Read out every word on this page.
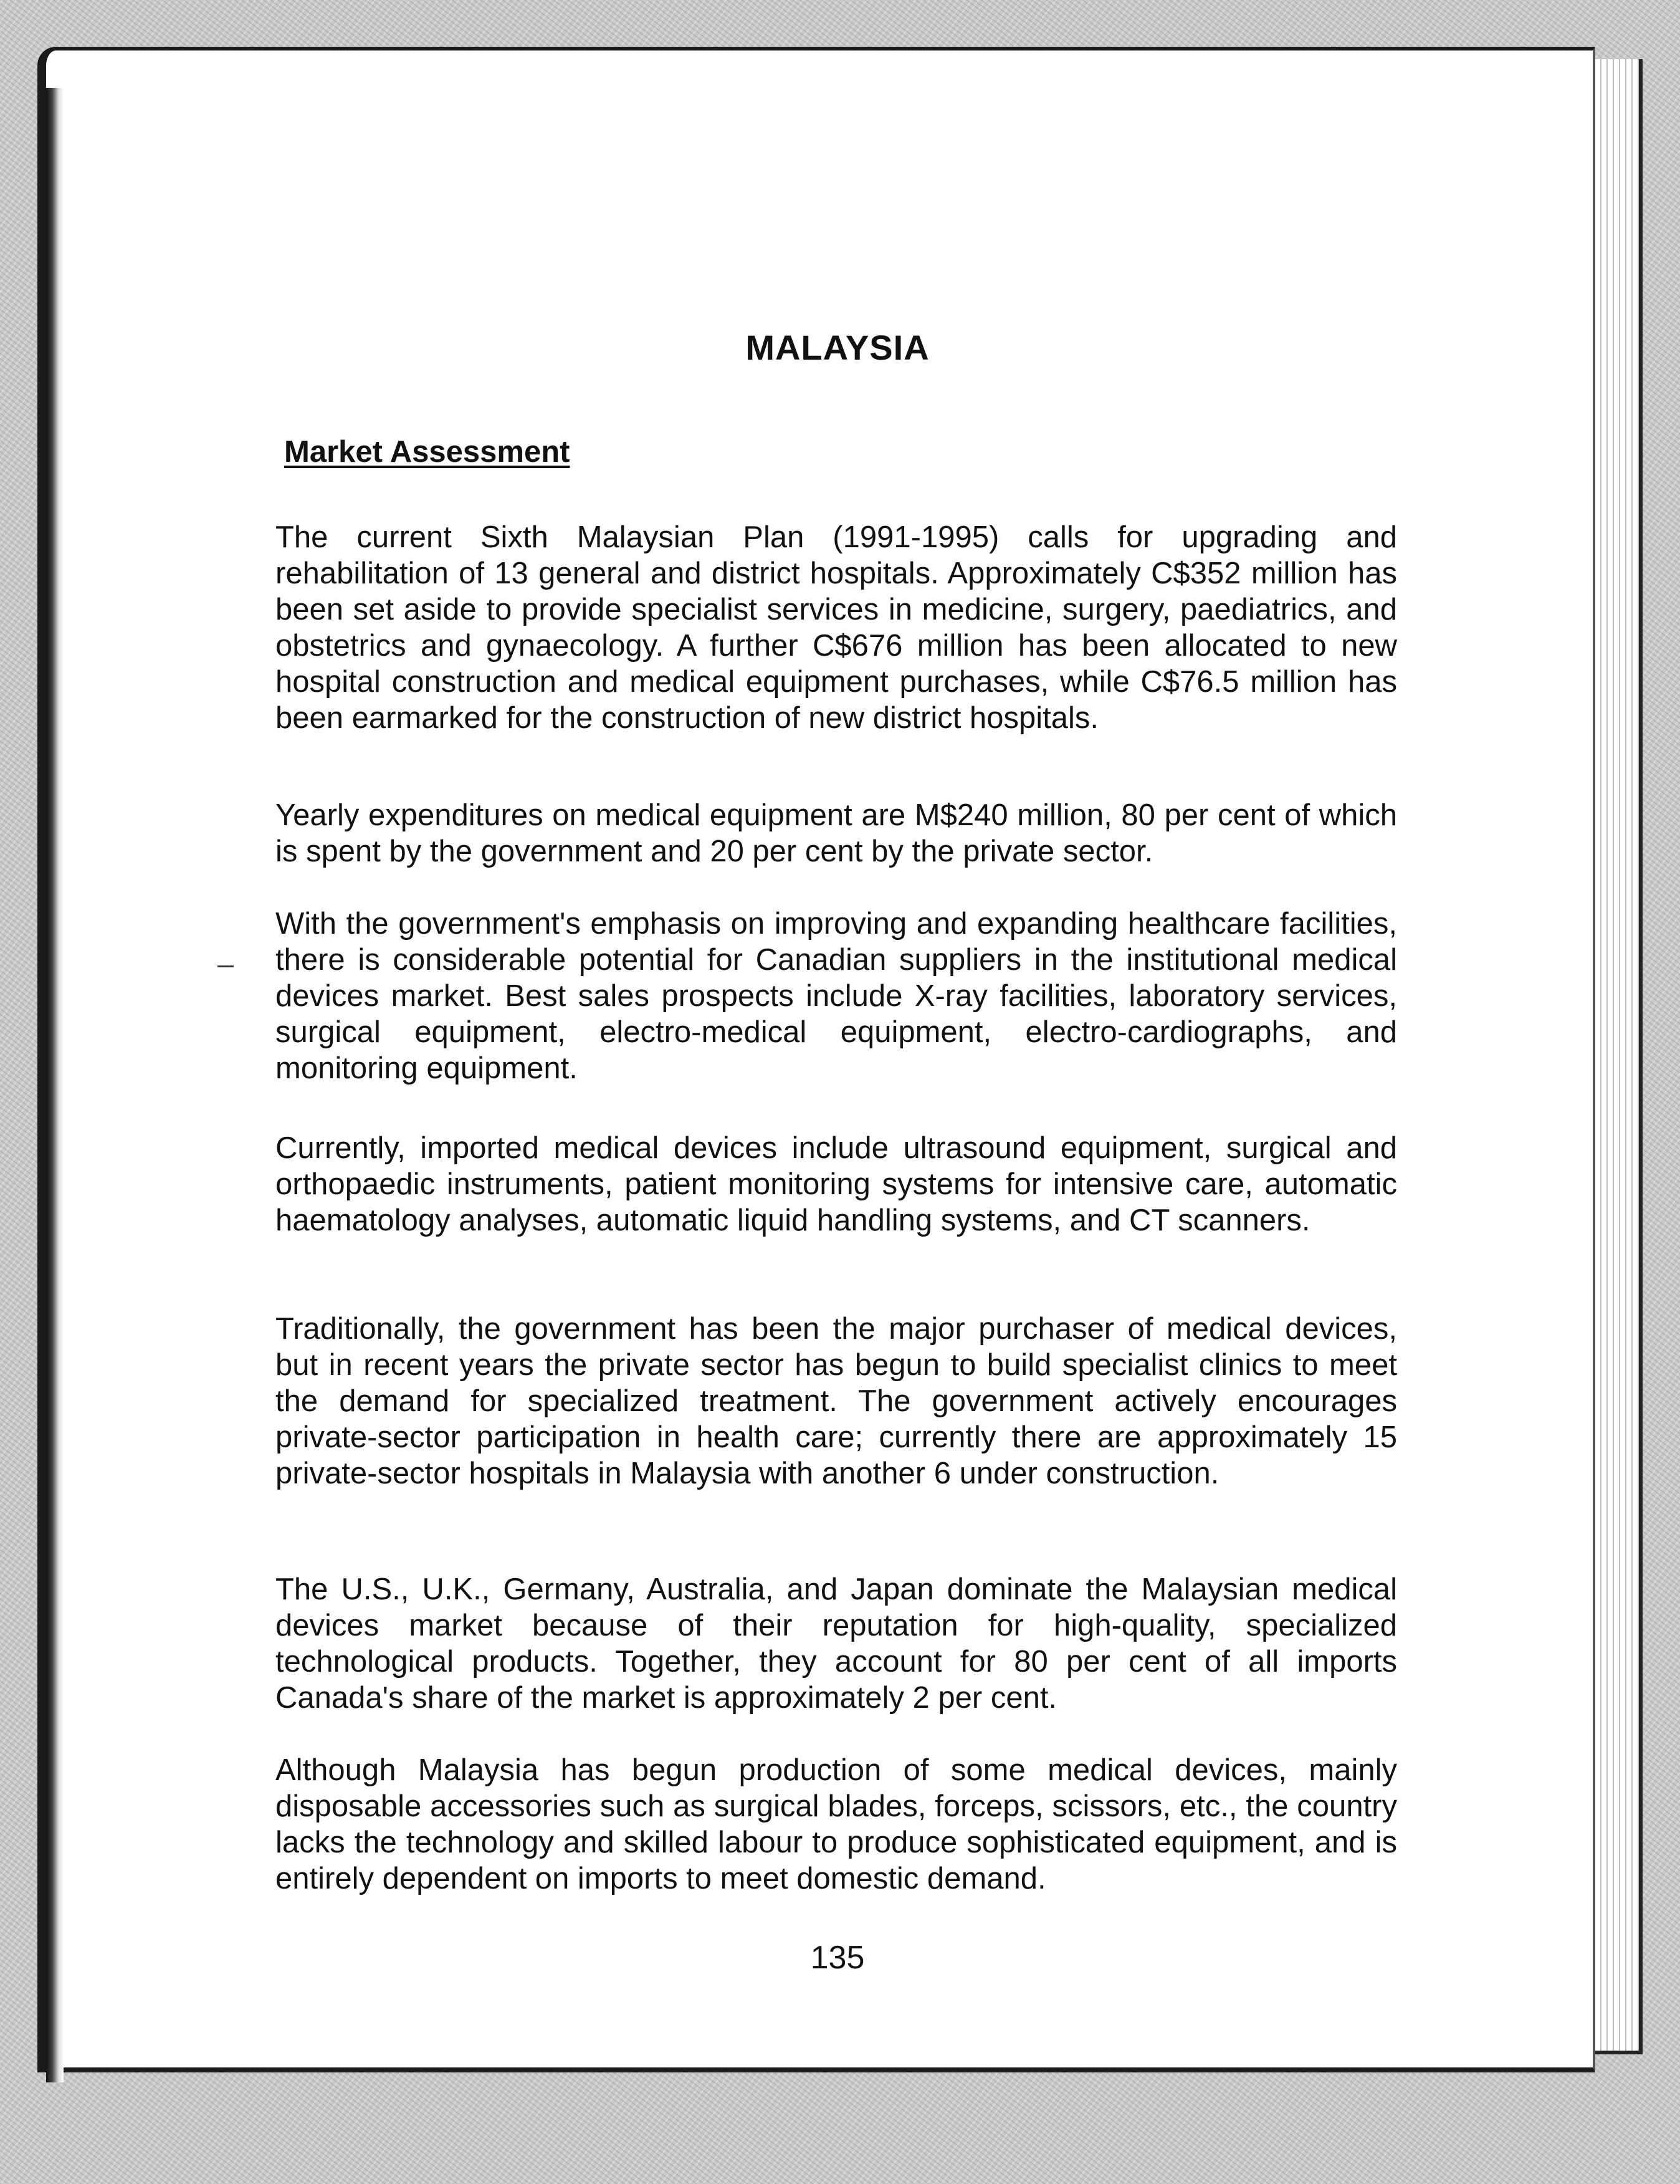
MALAYSIA
Market Assessment

The current Sixth Malaysian Plan (1991-1995) calls for upgrading and rehabilitation of 13 general and district hospitals. Approximately C$352 million has been set aside to provide specialist services in medicine, surgery, paediatrics, and obstetrics and gynaecology. A further C$676 million has been allocated to new hospital construction and medical equipment purchases, while C$76.5 million has been earmarked for the construction of new district hospitals.

Yearly expenditures on medical equipment are M$240 million, 80 per cent of which is spent by the government and 20 per cent by the private sector.

With the government's emphasis on improving and expanding healthcare facilities, there is considerable potential for Canadian suppliers in the institutional medical devices market. Best sales prospects include X-ray facilities, laboratory services, surgical equipment, electro-medical equipment, electro-cardiographs, and monitoring equipment.

Currently, imported medical devices include ultrasound equipment, surgical and orthopaedic instruments, patient monitoring systems for intensive care, automatic haematology analyses, automatic liquid handling systems, and CT scanners.

Traditionally, the government has been the major purchaser of medical devices, but in recent years the private sector has begun to build specialist clinics to meet the demand for specialized treatment. The government actively encourages private-sector participation in health care; currently there are approximately 15 private-sector hospitals in Malaysia with another 6 under construction.

The U.S., U.K., Germany, Australia, and Japan dominate the Malaysian medical devices market because of their reputation for high-quality, specialized technological products. Together, they account for 80 per cent of all imports Canada's share of the market is approximately 2 per cent.

Although Malaysia has begun production of some medical devices, mainly disposable accessories such as surgical blades, forceps, scissors, etc., the country lacks the technology and skilled labour to produce sophisticated equipment, and is entirely dependent on imports to meet domestic demand.

135
